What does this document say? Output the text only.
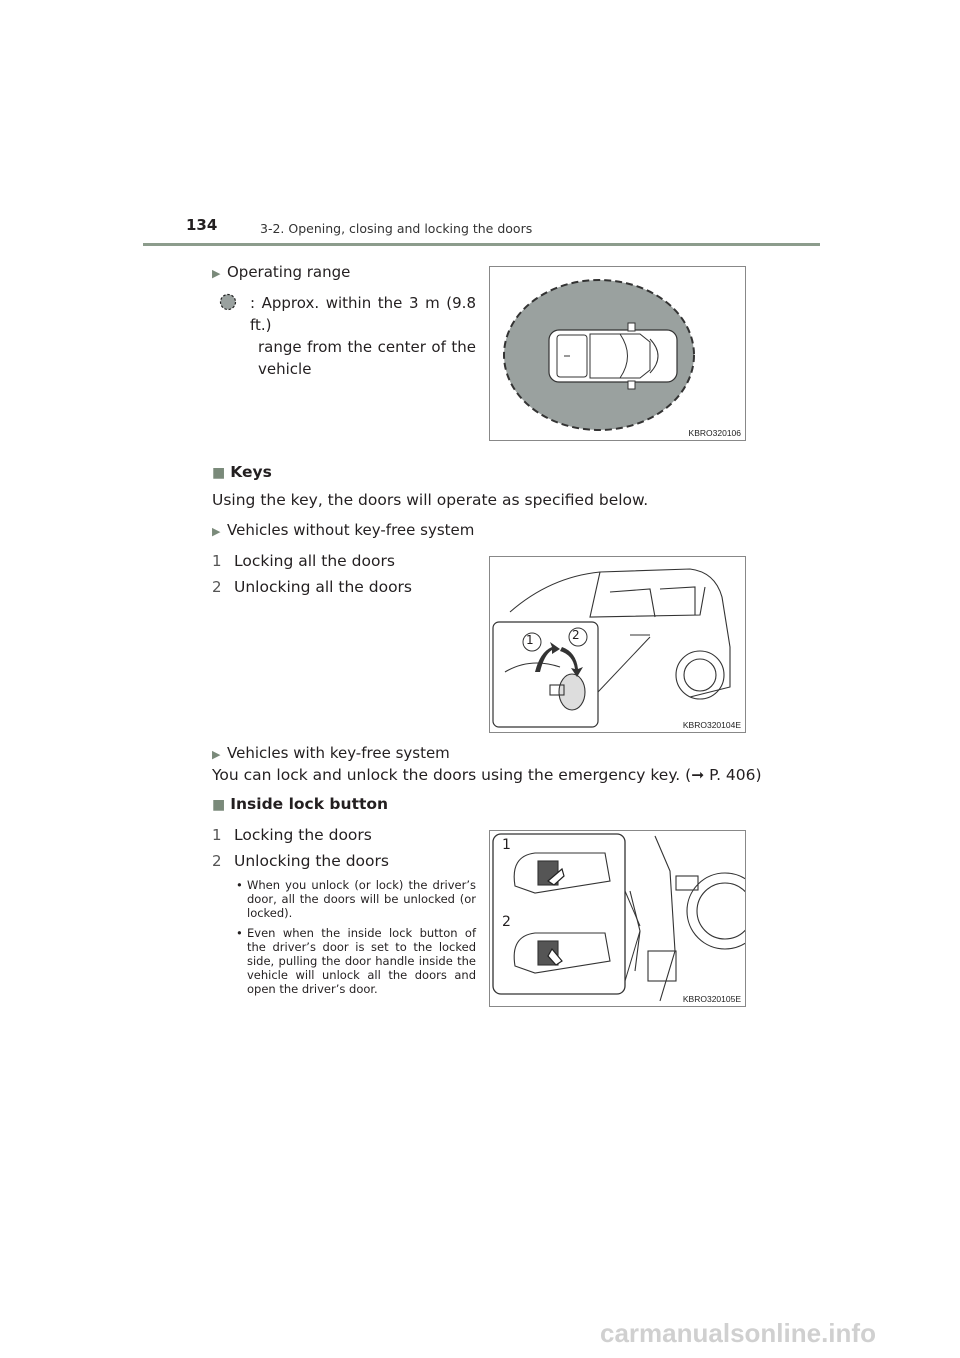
134	3-2. Opening, closing and locking the doors
▶ Operating range
: Approx. within the 3 m (9.8 ft.)
range from the center of the
vehicle
KBRO320106
■ Keys
Using the key, the doors will operate as specified below.
▶ Vehicles without key-free system
1 Locking all the doors
2 Unlocking all the doors
1	2
KBRO320104E
▶ Vehicles with key-free system
You can lock and unlock the doors using the emergency key. (➞ P. 406)
■ Inside lock button
1 Locking the doors
2 Unlocking the doors
• When you unlock (or lock) the driver’s door, all the doors will be unlocked (or locked).
• Even when the inside lock button of the driver’s door is set to the locked side, pulling the door handle inside the vehicle will unlock all the doors and open the driver’s door.
1
2
KBRO320105E
carmanualsonline.info
